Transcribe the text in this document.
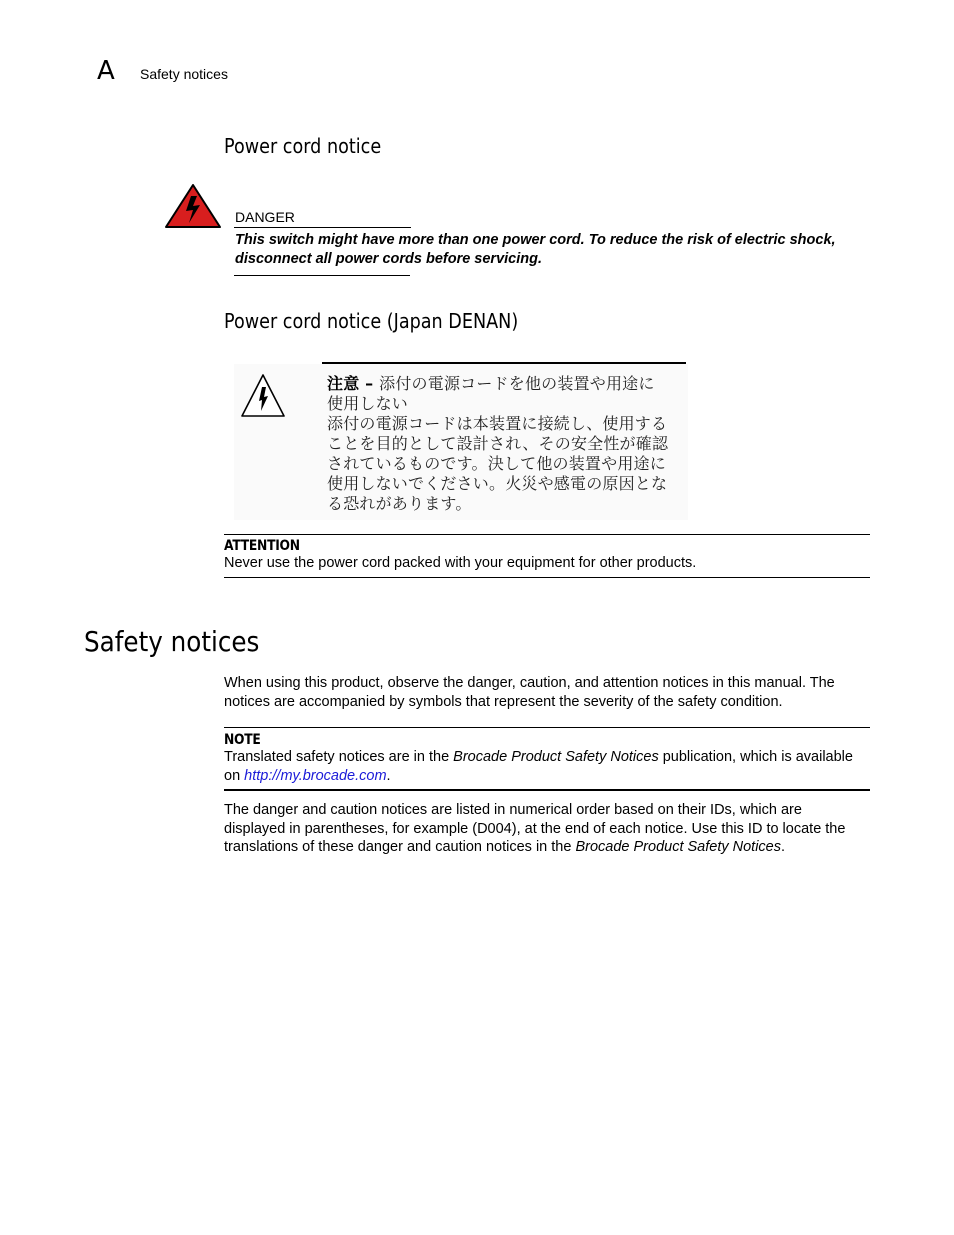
A Safety notices
Power cord notice
DANGER
This switch might have more than one power cord. To reduce the risk of electric shock,
disconnect all power cords before servicing.
Power cord notice (Japan DENAN)
注意 – 添付の電源コードを他の装置や用途に
使用しない
添付の電源コードは本装置に接続し、使用する
ことを目的として設計され、その安全性が確認
されているものです。決して他の装置や用途に
使用しないでください。火災や感電の原因とな
る恐れがあります。
ATTENTION
Never use the power cord packed with your equipment for other products.
Safety notices
When using this product, observe the danger, caution, and attention notices in this manual. The
notices are accompanied by symbols that represent the severity of the safety condition.
NOTE
Translated safety notices are in the Brocade Product Safety Notices publication, which is available
on http://my.brocade.com.
The danger and caution notices are listed in numerical order based on their IDs, which are
displayed in parentheses, for example (D004), at the end of each notice. Use this ID to locate the
translations of these danger and caution notices in the Brocade Product Safety Notices.
